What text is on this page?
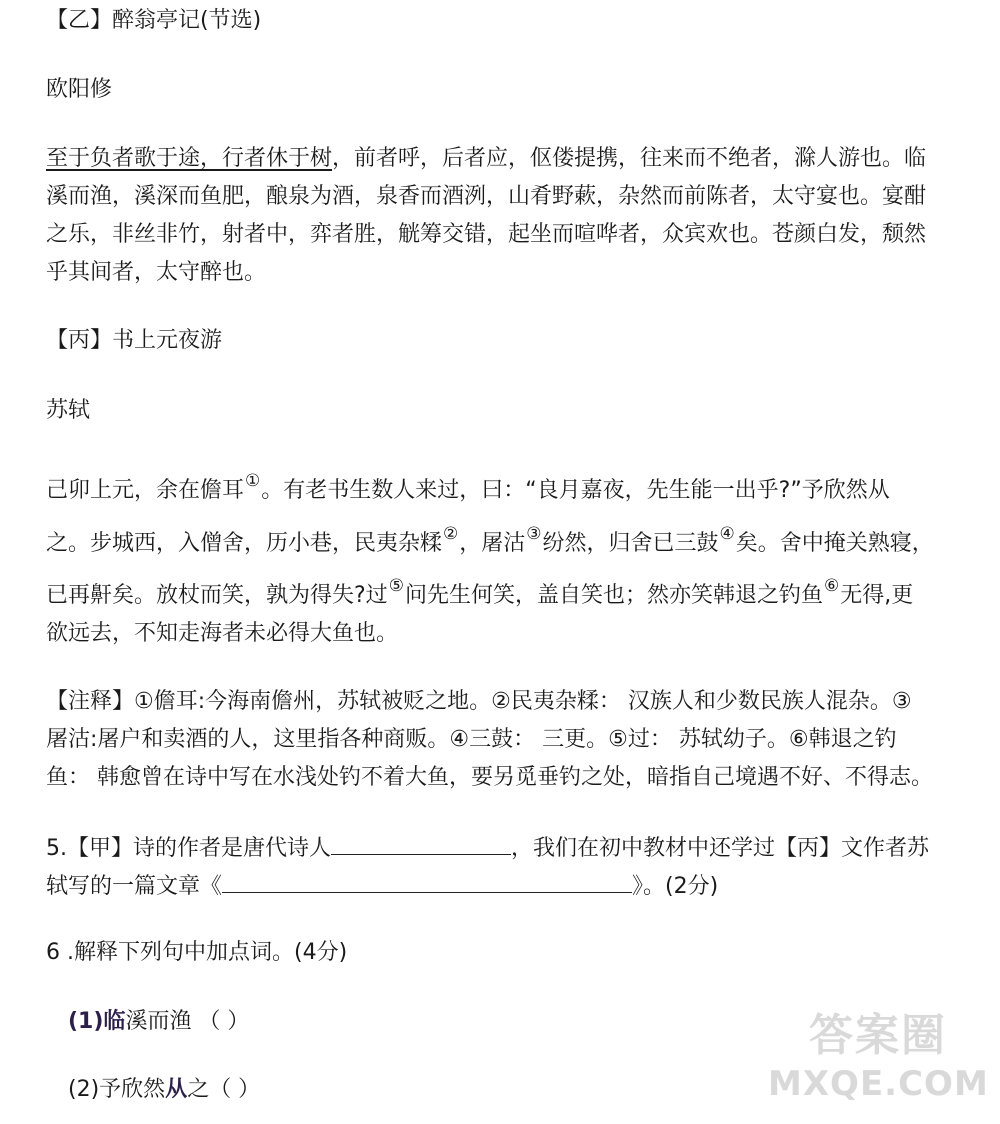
【乙】醉翁亭记(节选)
欧阳修
至于负者歌于途，行者休于树，前者呼，后者应，伛偻提携，往来而不绝者，滁人游也。临
溪而渔，溪深而鱼肥，酿泉为酒，泉香而酒洌，山肴野蔌，杂然而前陈者，太守宴也。宴酣
之乐，非丝非竹，射者中，弈者胜，觥筹交错，起坐而喧哗者，众宾欢也。苍颜白发，颓然
乎其间者，太守醉也。
【丙】书上元夜游
苏轼
己卯上元，余在儋耳①。有老书生数人来过，曰：“良月嘉夜，先生能一出乎?”予欣然从
之。步城西，入僧舍，历小巷，民夷杂糅②，屠沽③纷然，归舍已三鼓④矣。舍中掩关熟寝，
已再鼾矣。放杖而笑，孰为得失?过⑤问先生何笑，盖自笑也；然亦笑韩退之钓鱼⑥无得,更
欲远去，不知走海者未必得大鱼也。
【注释】①儋耳:今海南儋州，苏轼被贬之地。②民夷杂糅： 汉族人和少数民族人混杂。③
屠沽:屠户和卖酒的人，这里指各种商贩。④三鼓： 三更。⑤过： 苏轼幼子。⑥韩退之钓
鱼： 韩愈曾在诗中写在水浅处钓不着大鱼，要另觅垂钓之处，暗指自己境遇不好、不得志。
5.【甲】诗的作者是唐代诗人	，我们在初中教材中还学过【丙】文作者苏
轼写的一篇文章《	》。(2分)
6 .解释下列句中加点词。(4分)
(1)临溪而渔 （ ）
(2)予欣然从之（ ）
答案圈
MXQE.COM
